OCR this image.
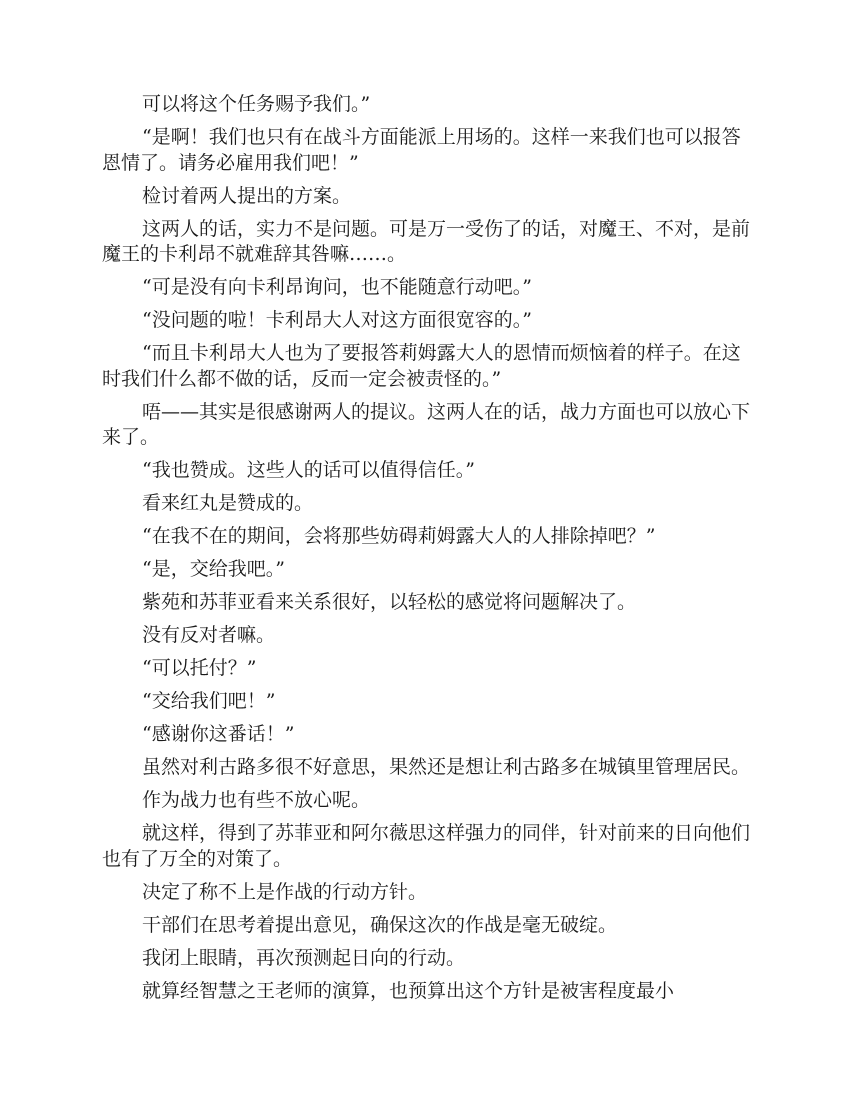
可以将这个任务赐予我们。”

“是啊！我们也只有在战斗方面能派上用场的。这样一来我们也可以报答恩情了。请务必雇用我们吧！”

检讨着两人提出的方案。

这两人的话，实力不是问题。可是万一受伤了的话，对魔王、不对，是前魔王的卡利昂不就难辞其咎嘛……。

“可是没有向卡利昂询问，也不能随意行动吧。”

“没问题的啦！卡利昂大人对这方面很宽容的。”

“而且卡利昂大人也为了要报答莉姆露大人的恩情而烦恼着的样子。在这时我们什么都不做的话，反而一定会被责怪的。”

唔——其实是很感谢两人的提议。这两人在的话，战力方面也可以放心下来了。

“我也赞成。这些人的话可以值得信任。”

看来红丸是赞成的。

“在我不在的期间，会将那些妨碍莉姆露大人的人排除掉吧？”

“是，交给我吧。”

紫苑和苏菲亚看来关系很好，以轻松的感觉将问题解决了。

没有反对者嘛。

“可以托付？”

“交给我们吧！”

“感谢你这番话！”

虽然对利古路多很不好意思，果然还是想让利古路多在城镇里管理居民。

作为战力也有些不放心呢。

就这样，得到了苏菲亚和阿尔薇思这样强力的同伴，针对前来的日向他们也有了万全的对策了。

决定了称不上是作战的行动方针。

干部们在思考着提出意见，确保这次的作战是毫无破绽。

我闭上眼睛，再次预测起日向的行动。

就算经智慧之王老师的演算，也预算出这个方针是被害程度最小
